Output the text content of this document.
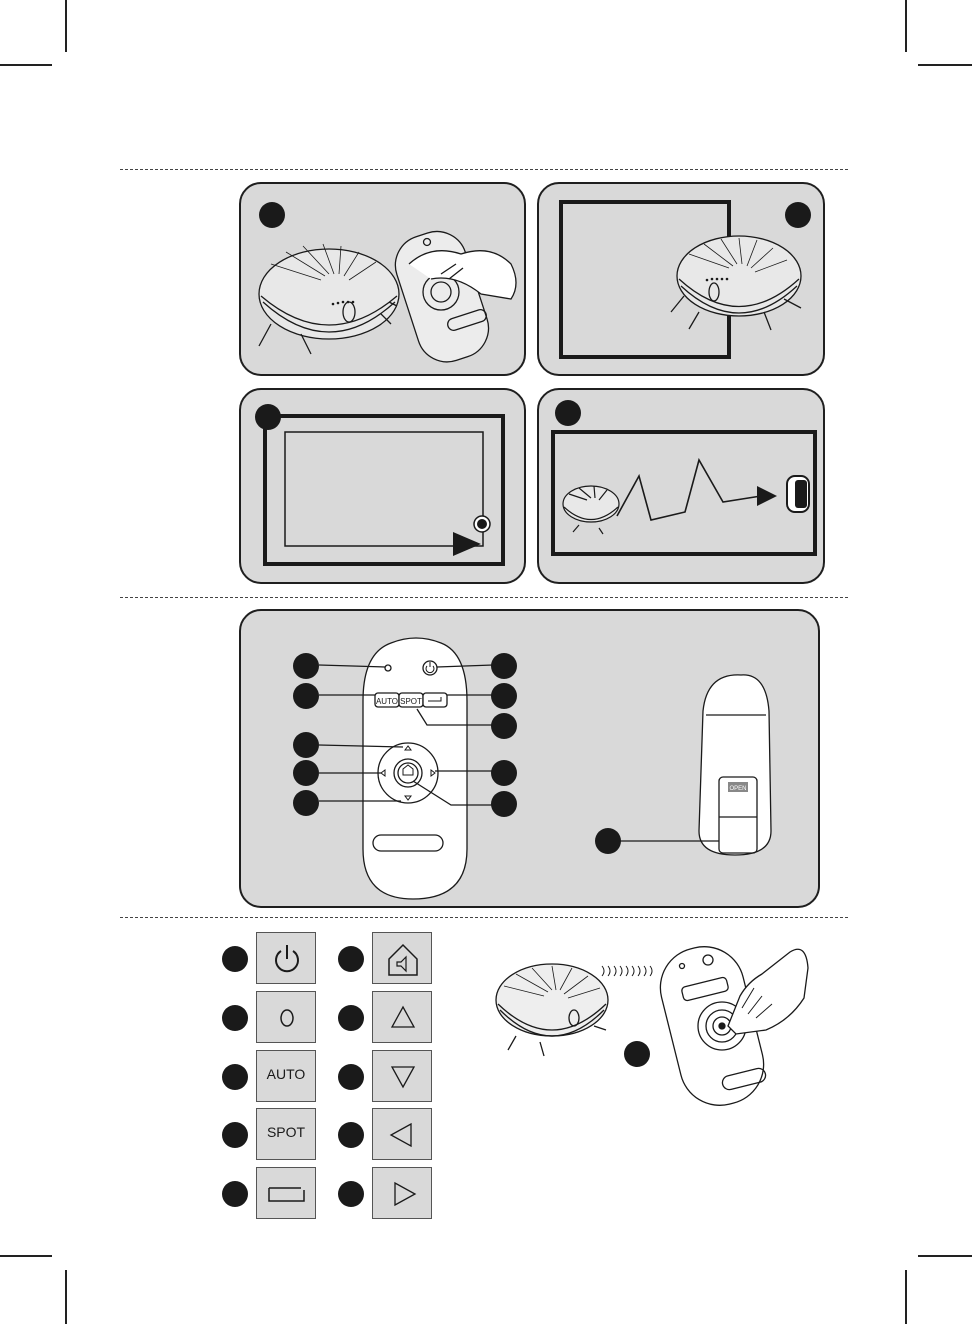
AUTO SPOT
OPEN
AUTO
SPOT
